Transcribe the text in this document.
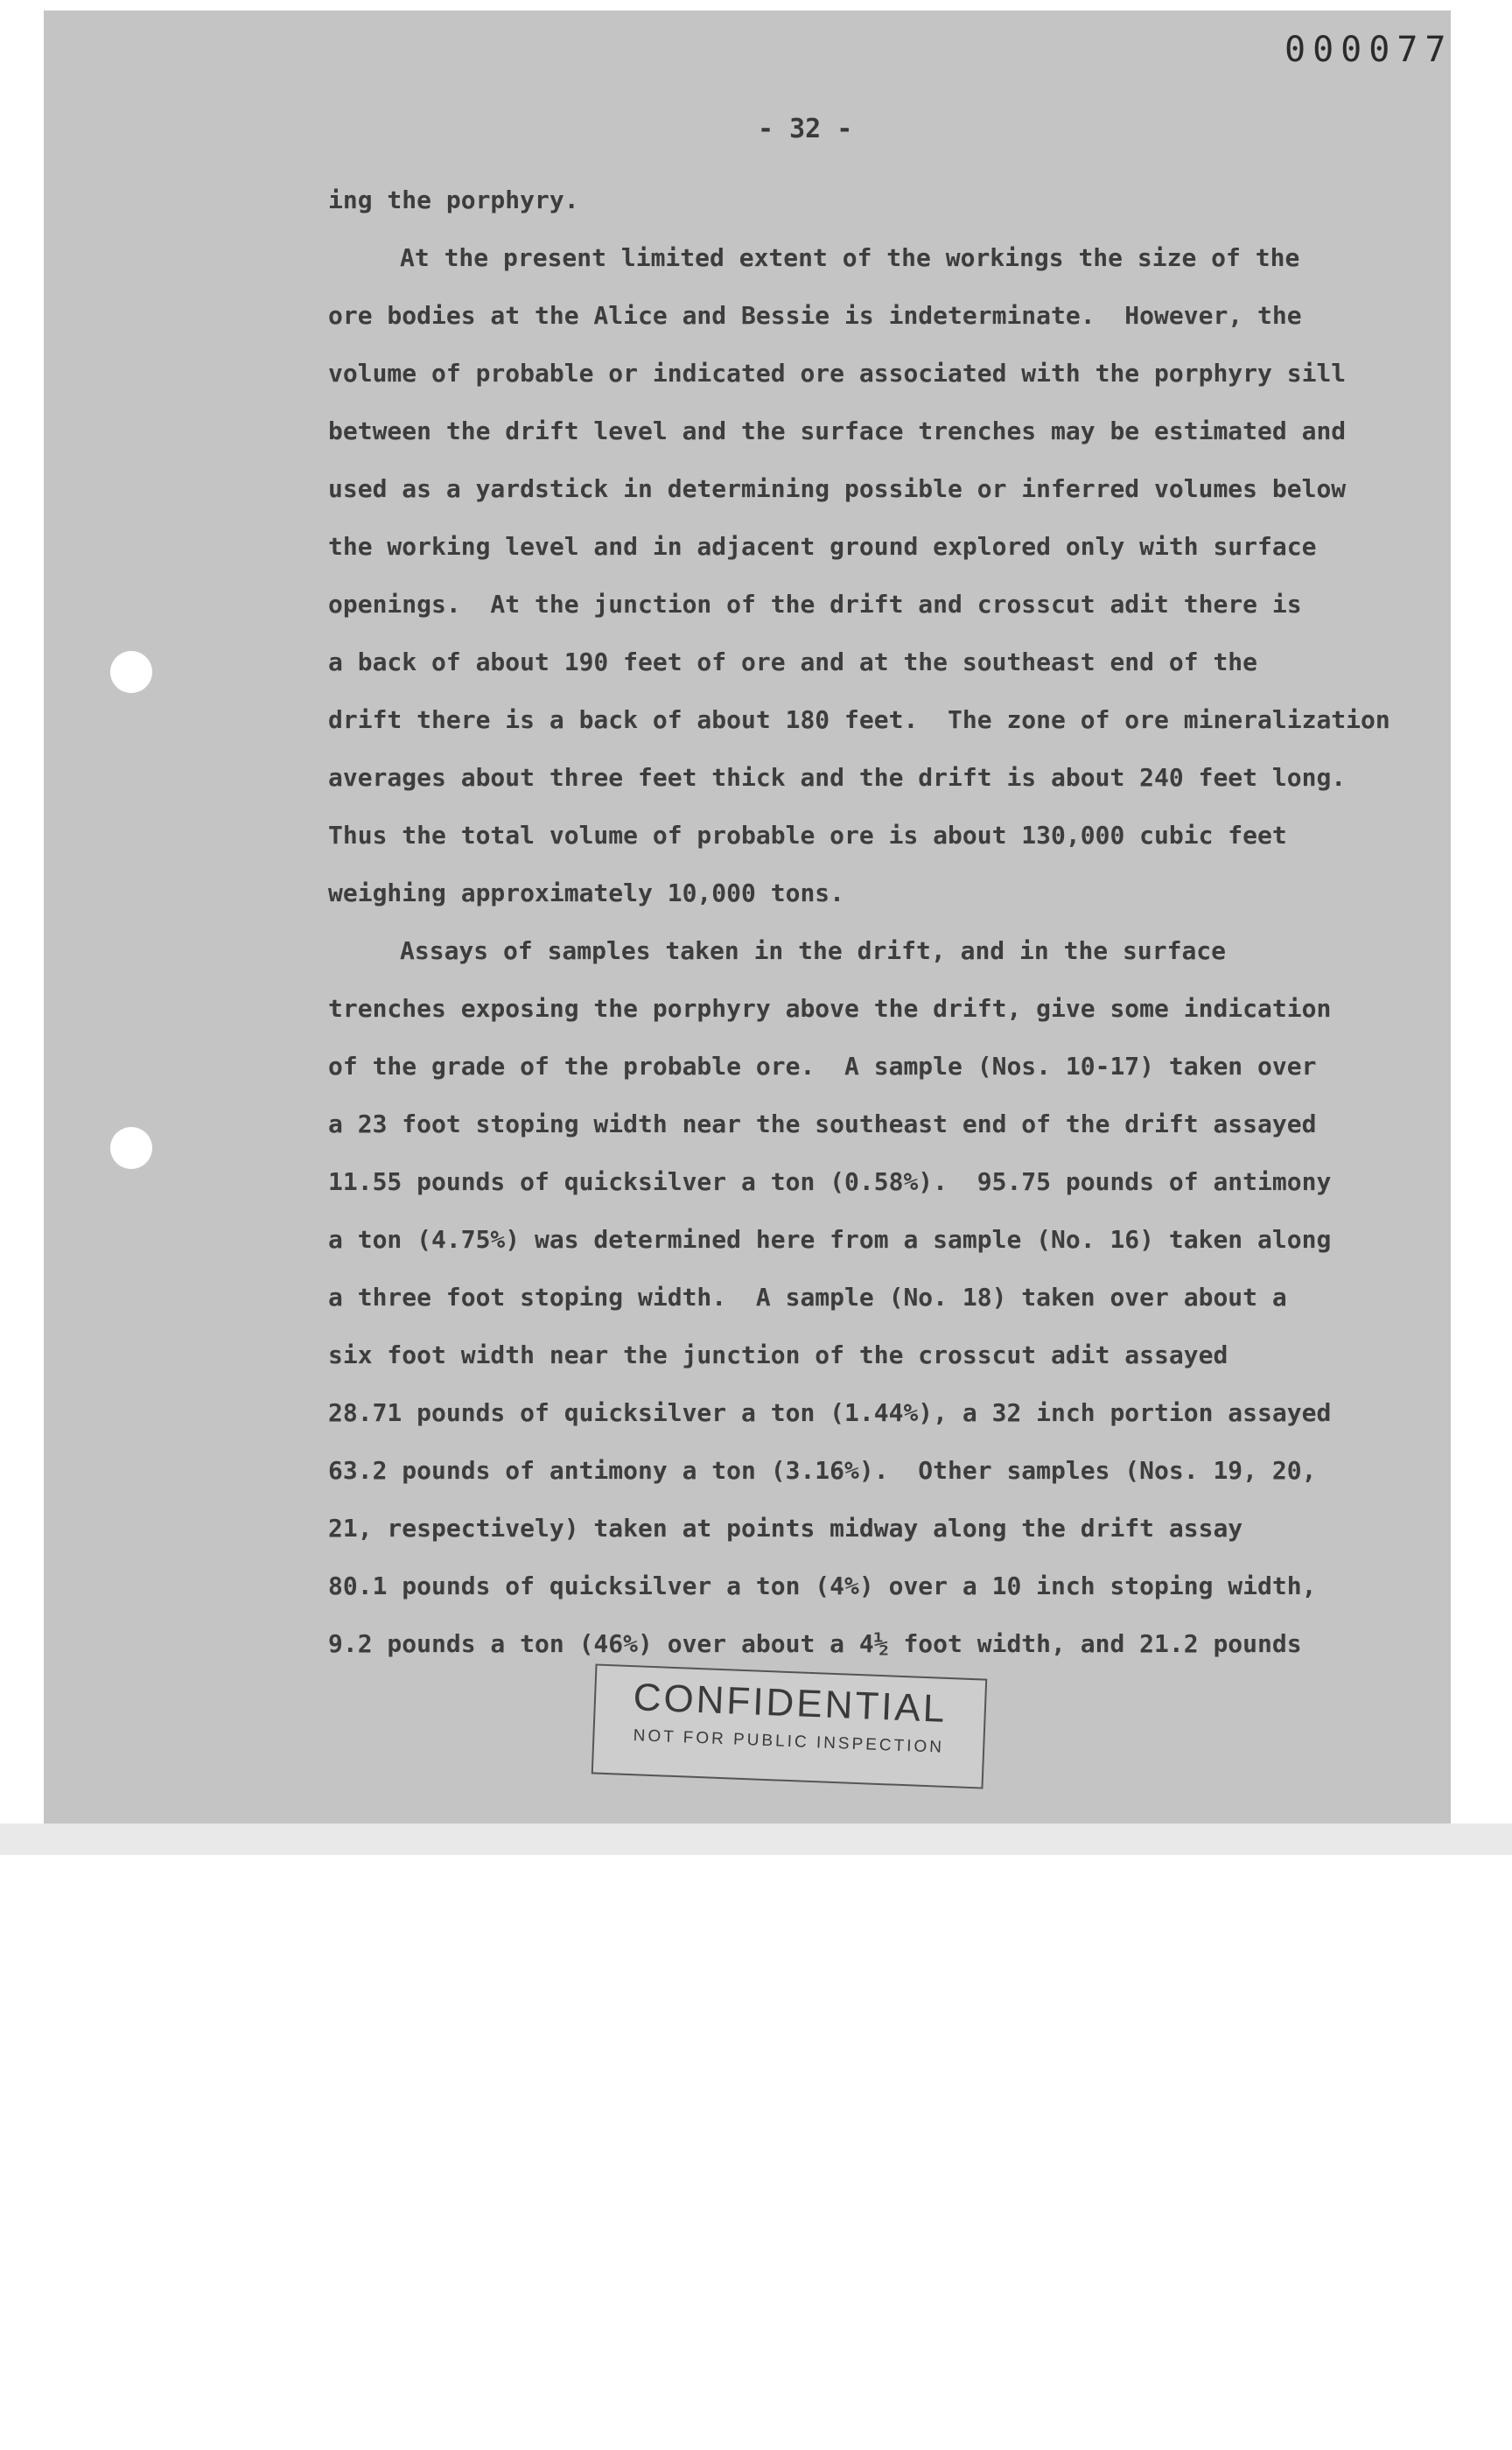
000077
- 32 -
ing the porphyry.
At the present limited extent of the workings the size of the
ore bodies at the Alice and Bessie is indeterminate.  However, the
volume of probable or indicated ore associated with the porphyry sill
between the drift level and the surface trenches may be estimated and
used as a yardstick in determining possible or inferred volumes below
the working level and in adjacent ground explored only with surface
openings.  At the junction of the drift and crosscut adit there is
a back of about 190 feet of ore and at the southeast end of the
drift there is a back of about 180 feet.  The zone of ore mineralization
averages about three feet thick and the drift is about 240 feet long.
Thus the total volume of probable ore is about 130,000 cubic feet
weighing approximately 10,000 tons.
Assays of samples taken in the drift, and in the surface
trenches exposing the porphyry above the drift, give some indication
of the grade of the probable ore.  A sample (Nos. 10-17) taken over
a 23 foot stoping width near the southeast end of the drift assayed
11.55 pounds of quicksilver a ton (0.58%).  95.75 pounds of antimony
a ton (4.75%) was determined here from a sample (No. 16) taken along
a three foot stoping width.  A sample (No. 18) taken over about a
six foot width near the junction of the crosscut adit assayed
28.71 pounds of quicksilver a ton (1.44%), a 32 inch portion assayed
63.2 pounds of antimony a ton (3.16%).  Other samples (Nos. 19, 20,
21, respectively) taken at points midway along the drift assay
80.1 pounds of quicksilver a ton (4%) over a 10 inch stoping width,
9.2 pounds a ton (46%) over about a 4½ foot width, and 21.2 pounds
CONFIDENTIAL
NOT FOR PUBLIC INSPECTION
